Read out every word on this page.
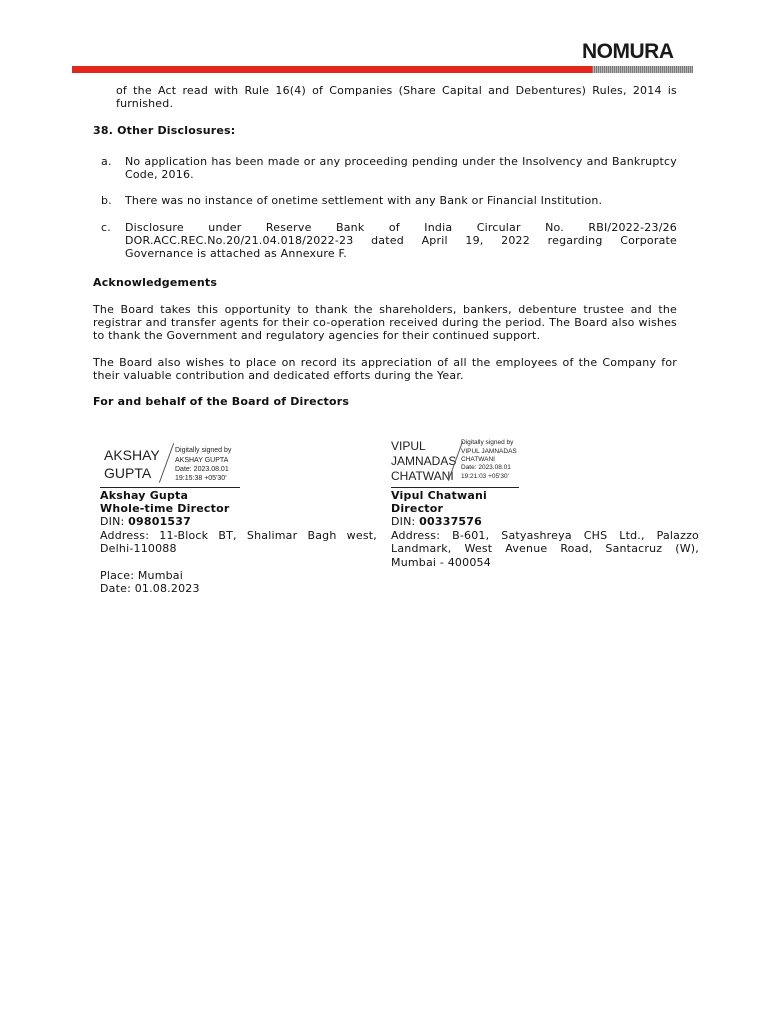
NOMURA

of the Act read with Rule 16(4) of Companies (Share Capital and Debentures) Rules, 2014 is

furnished.

38. Other Disclosures:

a. No application has been made or any proceeding pending under the Insolvency and Bankruptcy

Code, 2016.

b. There was no instance of onetime settlement with any Bank or Financial Institution.

c. Disclosure under Reserve Bank of India Circular No. RBI/2022-23/26

DOR.ACC.REC.No.20/21.04.018/2022-23 dated April 19, 2022 regarding Corporate

Governance is attached as Annexure F.

Acknowledgements

The Board takes this opportunity to thank the shareholders, bankers, debenture trustee and the

registrar and transfer agents for their co-operation received during the period. The Board also wishes

to thank the Government and regulatory agencies for their continued support.

The Board also wishes to place on record its appreciation of all the employees of the Company for

their valuable contribution and dedicated efforts during the Year.

For and behalf of the Board of Directors

AKSHAY
GUPTA
Digitally signed by
AKSHAY GUPTA
Date: 2023.08.01
19:15:38 +05'30'
VIPUL
JAMNADAS
CHATWANI
Digitally signed by
VIPUL JAMNADAS
CHATWANI
Date: 2023.08.01
19:21:03 +05'30'

Akshay Gupta

Whole-time Director

DIN: 09801537

Address: 11-Block BT, Shalimar Bagh west,

Delhi-110088

Place: Mumbai

Date: 01.08.2023

Vipul Chatwani

Director

DIN: 00337576

Address: B-601, Satyashreya CHS Ltd., Palazzo

Landmark, West Avenue Road, Santacruz (W),

Mumbai - 400054
